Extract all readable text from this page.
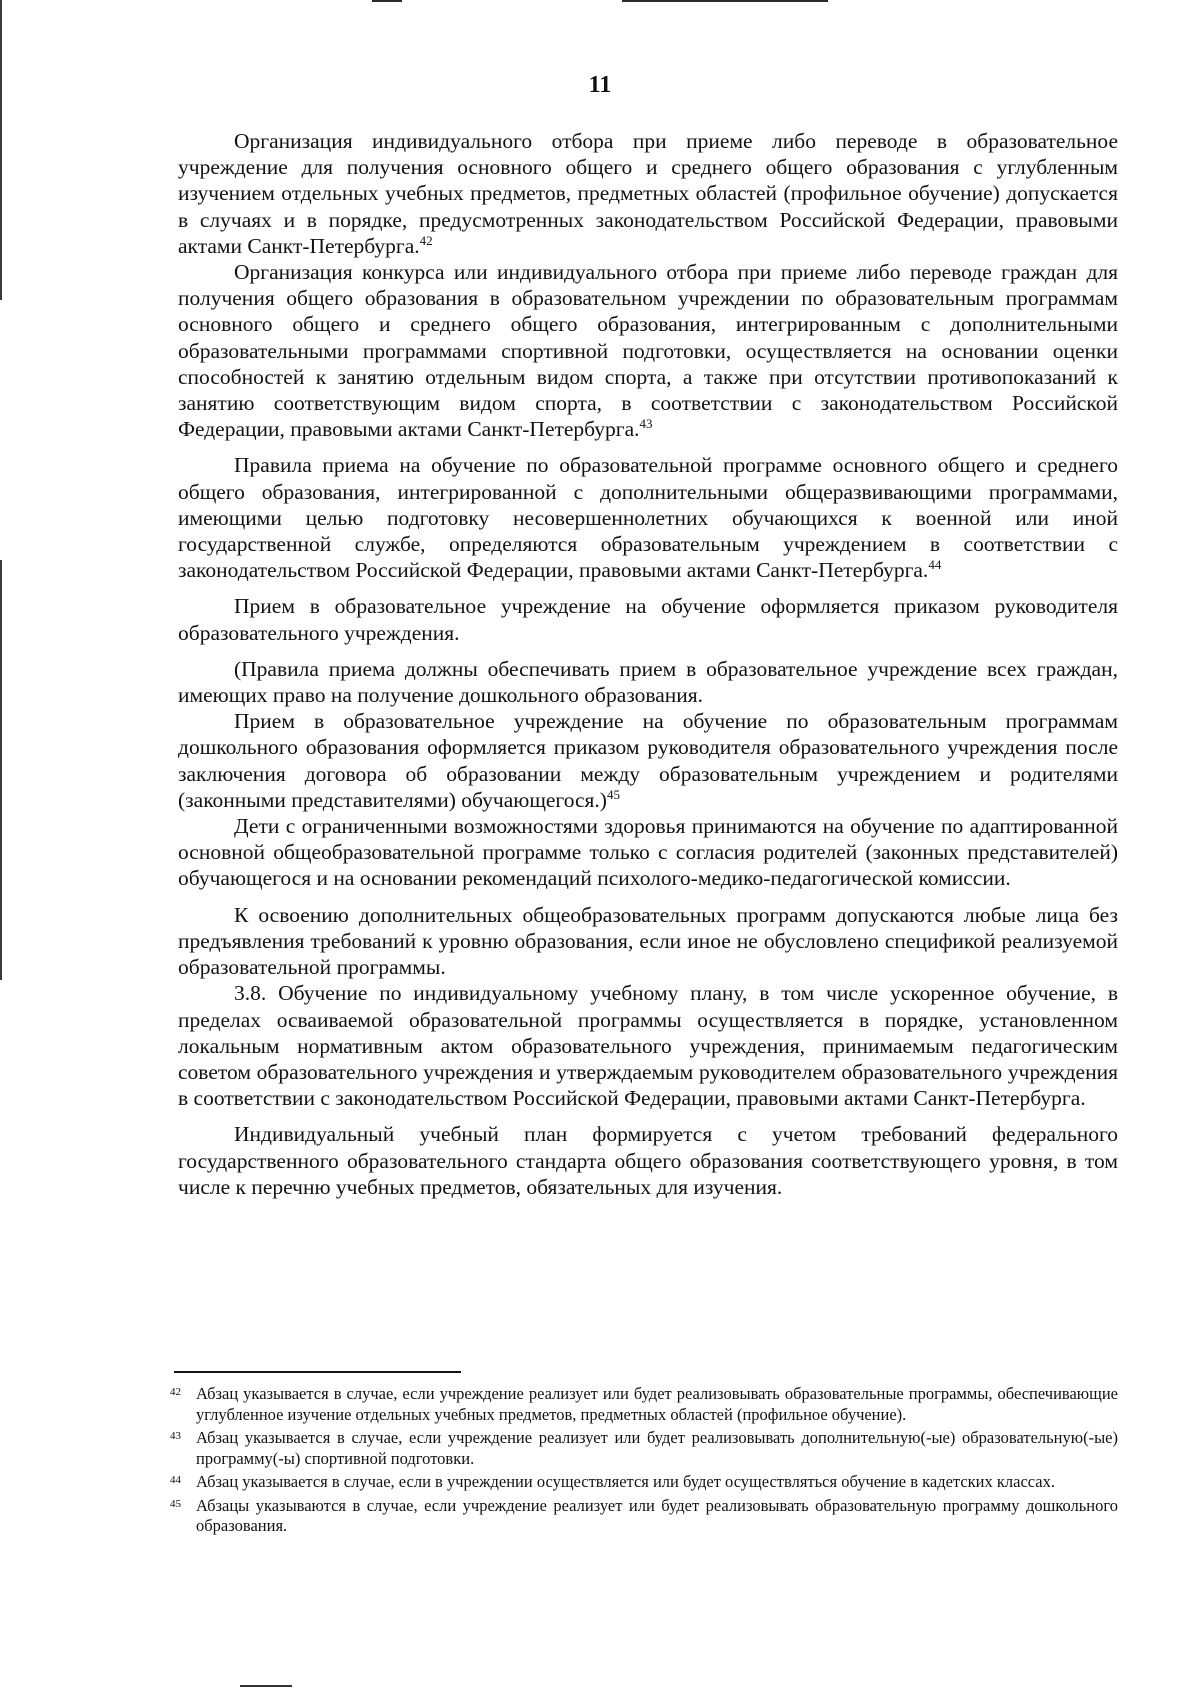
11

Организация индивидуального отбора при приеме либо переводе в образовательное учреждение для получения основного общего и среднего общего образования с углубленным изучением отдельных учебных предметов, предметных областей (профильное обучение) допускается в случаях и в порядке, предусмотренных законодательством Российской Федерации, правовыми актами Санкт-Петербурга.$^{42}$

Организация конкурса или индивидуального отбора при приеме либо переводе граждан для получения общего образования в образовательном учреждении по образовательным программам основного общего и среднего общего образования, интегрированным с дополнительными образовательными программами спортивной подготовки, осуществляется на основании оценки способностей к занятию отдельным видом спорта, а также при отсутствии противопоказаний к занятию соответствующим видом спорта, в соответствии с законодательством Российской Федерации, правовыми актами Санкт-Петербурга.$^{43}$

Правила приема на обучение по образовательной программе основного общего и среднего общего образования, интегрированной с дополнительными общеразвивающими программами, имеющими целью подготовку несовершеннолетних обучающихся к военной или иной государственной службе, определяются образовательным учреждением в соответствии с законодательством Российской Федерации, правовыми актами Санкт-Петербурга.$^{44}$

Прием в образовательное учреждение на обучение оформляется приказом руководителя образовательного учреждения.

(Правила приема должны обеспечивать прием в образовательное учреждение всех граждан, имеющих право на получение дошкольного образования.

Прием в образовательное учреждение на обучение по образовательным программам дошкольного образования оформляется приказом руководителя образовательного учреждения после заключения договора об образовании между образовательным учреждением и родителями (законными представителями) обучающегося.)$^{45}$

Дети с ограниченными возможностями здоровья принимаются на обучение по адаптированной основной общеобразовательной программе только с согласия родителей (законных представителей) обучающегося и на основании рекомендаций психолого-медико-педагогической комиссии.

К освоению дополнительных общеобразовательных программ допускаются любые лица без предъявления требований к уровню образования, если иное не обусловлено спецификой реализуемой образовательной программы.

3.8. Обучение по индивидуальному учебному плану, в том числе ускоренное обучение, в пределах осваиваемой образовательной программы осуществляется в порядке, установленном локальным нормативным актом образовательного учреждения, принимаемым педагогическим советом образовательного учреждения и утверждаемым руководителем образовательного учреждения в соответствии с законодательством Российской Федерации, правовыми актами Санкт-Петербурга.

Индивидуальный учебный план формируется с учетом требований федерального государственного образовательного стандарта общего образования соответствующего уровня, в том числе к перечню учебных предметов, обязательных для изучения.

42 Абзац указывается в случае, если учреждение реализует или будет реализовывать образовательные программы, обеспечивающие углубленное изучение отдельных учебных предметов, предметных областей (профильное обучение).
43 Абзац указывается в случае, если учреждение реализует или будет реализовывать дополнительную(-ые) образовательную(-ые) программу(-ы) спортивной подготовки.
44 Абзац указывается в случае, если в учреждении осуществляется или будет осуществляться обучение в кадетских классах.
45 Абзацы указываются в случае, если учреждение реализует или будет реализовывать образовательную программу дошкольного образования.
